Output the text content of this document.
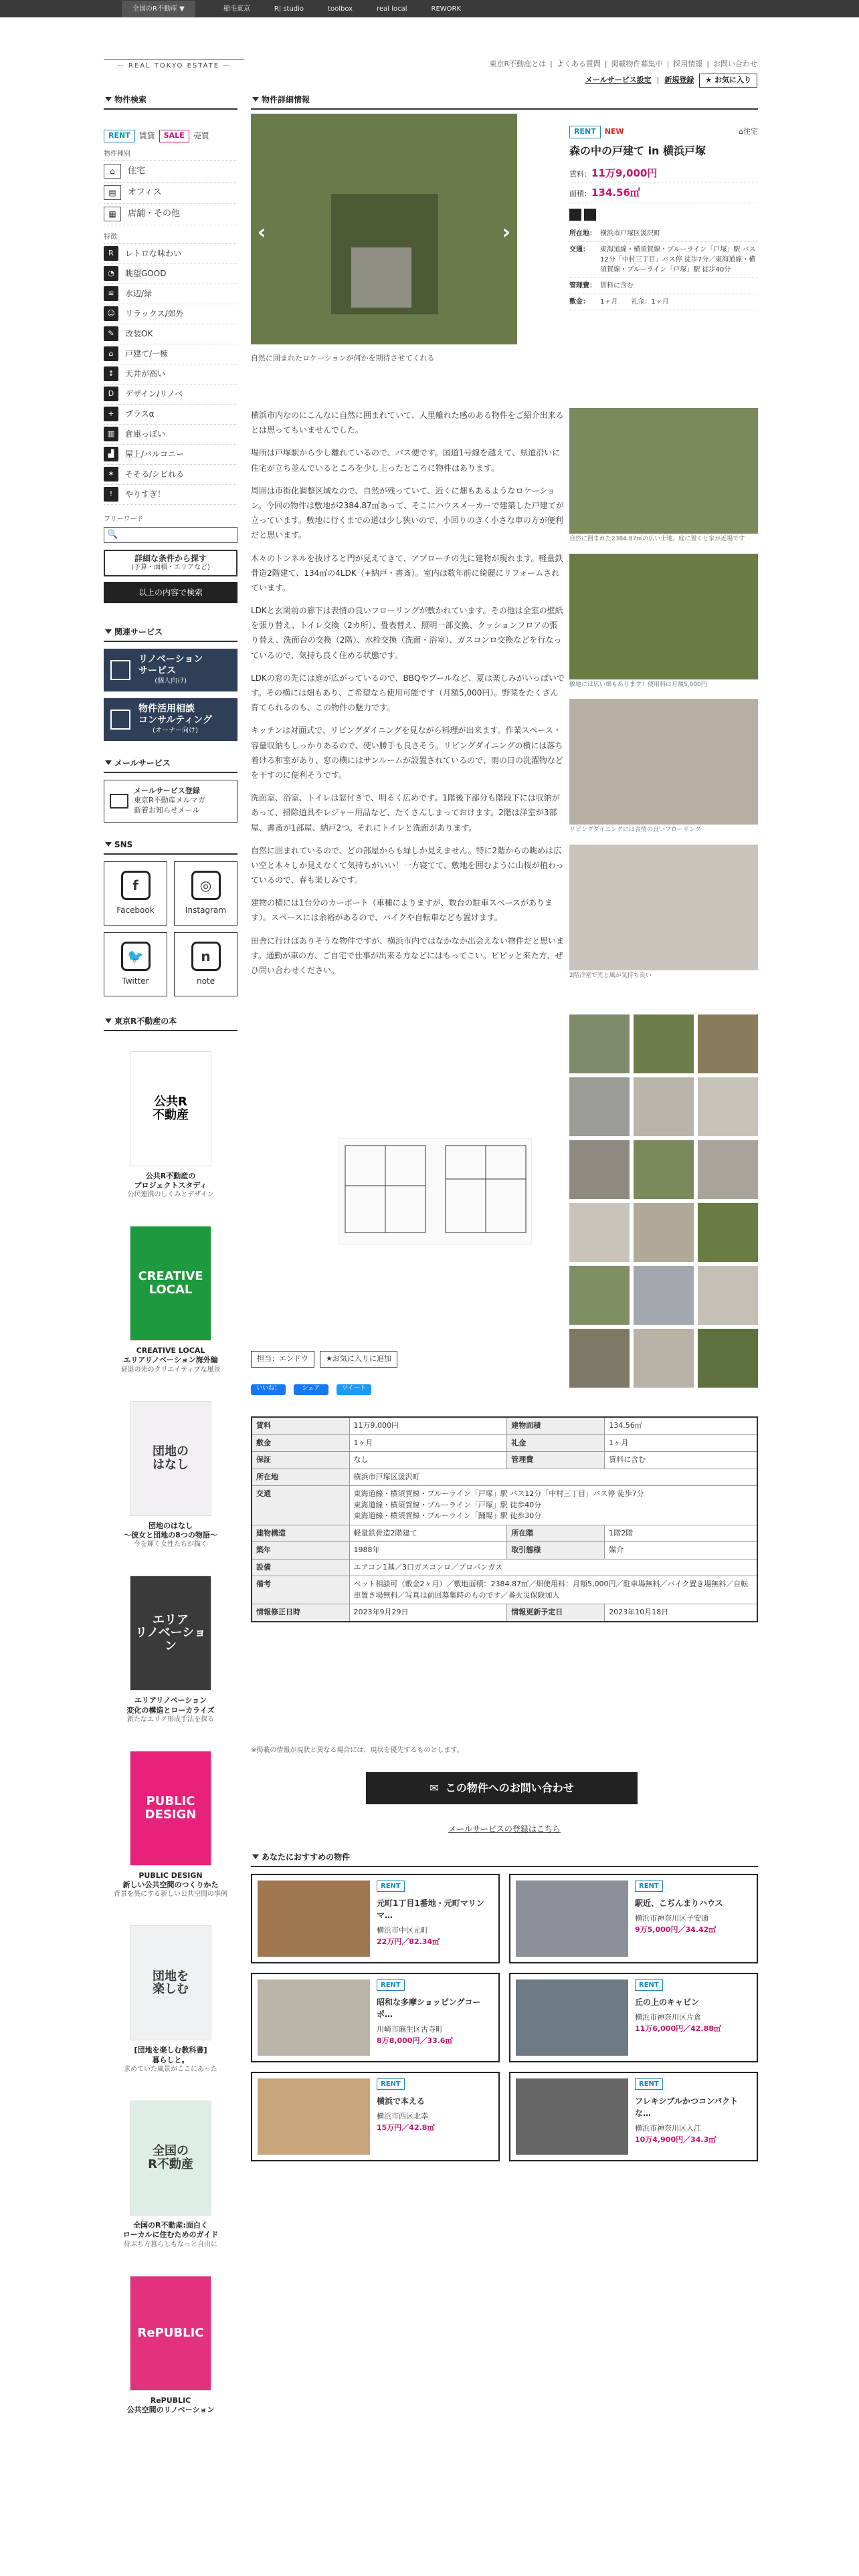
全国のR不動産 ▼	稲毛東京	R| studio	toolbox	real local	REWORK
— REAL TOKYO ESTATE —	東京R不動産とは | よくある質問 | 掲載物件募集中 | 採用情報 | お問い合わせ
メールサービス設定 | 新規登録	★ お気に入り
物件検索
RENT	賃貸	SALE	売買
物件種別
⌂	住宅
▤	オフィス
▦	店舗・その他
特徴
R	レトロな味わい
◔	眺望GOOD
≋	水辺/緑
☺	リラックス/郊外
✎	改装OK
⌂	戸建て/一棟
↕	天井が高い
D	デザイン/リノベ
+	プラスα
▥	倉庫っぽい
▟	屋上/バルコニー
✶	そそる/シビれる
!	やりすぎ！
フリーワード
🔍
詳細な条件から探す
(予算・面積・エリアなど)
以上の内容で検索
関連サービス
リノベーション
サービス
(個人向け)
物件活用相談
コンサルティング
(オーナー向け)
メールサービス
メールサービス登録
東京R不動産メルマガ
新着お知らせメール
SNS
f
Facebook
◎
Instagram
🐦
Twitter
n
note
東京R不動産の本
公共R
不動産
公共R不動産の
プロジェクトスタディ
公民連携のしくみとデザイン
CREATIVE
LOCAL
CREATIVE LOCAL
エリアリノベーション海外編
衰退の先のクリエイティブな風景
団地の
はなし
団地のはなし
〜彼女と団地の8つの物語〜
今を輝く女性たちが描く
エリア
リノベーション
エリアリノベーション
変化の構造とローカライズ
新たなエリア形成手法を探る
PUBLIC DESIGN
PUBLIC DESIGN
新しい公共空間のつくりかた
背景を異にする新しい公共空間の事例
団地を
楽しむ
[団地を楽しむ教科書]
暮らしと。
求めていた風景がここにあった
全国の
R不動産
全国のR不動産:面白く
ローカルに住むためのガイド
待ぶち方暮らしもなっと自由に
RePUBLIC
RePUBLIC
公共空間のリノベーション
物件詳細情報
‹	›
自然に囲まれたロケーションが何かを期待させてくれる
RENT	NEW	⌂住宅
森の中の戸建て in 横浜戸塚
賃料：11万9,000円
面積：134.56㎡
所在地： 横浜市戸塚区汲沢町
交通：	東海道線・横須賀線・ブルーライン「戸塚」駅 バス12分「中村三丁目」バス停 徒歩7分／東海道線・横須賀線・ブルーライン「戸塚」駅 徒歩40分
管理費： 賃料に含む
敷金：	1ヶ月　　礼金：1ヶ月

横浜市内なのにこんなに自然に囲まれていて、人里離れた感のある物件をご紹介出来るとは思ってもいませんでした。

場所は戸塚駅から少し離れているので、バス便です。国道1号線を越えて、県道沿いに住宅が立ち並んでいるところを少し上ったところに物件はあります。

周囲は市街化調整区域なので、自然が残っていて、近くに畑もあるようなロケーション。今回の物件は敷地が2384.87㎡あって、そこにハウスメーカーで建築した戸建てが立っています。敷地に行くまでの道は少し狭いので、小回りのきく小さな車の方が便利だと思います。

木々のトンネルを抜けると門が見えてきて、アプローチの先に建物が現れます。軽量鉄骨造2階建て、134㎡の4LDK（+納戸・書斎）。室内は数年前に綺麗にリフォームされています。

LDKと玄関前の廊下は表情の良いフローリングが敷かれています。その他は全室の壁紙を張り替え、トイレ交換（2カ所）、畳表替え、照明一部交換、クッションフロアの張り替え、洗面台の交換（2階）、水栓交換（洗面・浴室）、ガスコンロ交換などを行なっているので、気持ち良く住める状態です。

LDKの窓の先には庭が広がっているので、BBQやプールなど、夏は楽しみがいっぱいです。その横には畑もあり、ご希望なら使用可能です（月額5,000円）。野菜をたくさん育てられるのも、この物件の魅力です。

キッチンは対面式で、リビングダイニングを見ながら料理が出来ます。作業スペース・容量収納もしっかりあるので、使い勝手も良さそう。リビングダイニングの横には落ち着ける和室があり、窓の横にはサンルームが設置されているので、雨の日の洗濯物などを干すのに便利そうです。

洗面室、浴室、トイレは窓付きで、明るく広めです。1階後下部分も階段下には収納があって、掃除道具やレジャー用品など、たくさんしまっておけます。2階は洋室が3部屋、書斎が1部屋、納戸2つ。それにトイレと洗面があります。

自然に囲まれているので、どの部屋からも緑しか見えません。特に2階からの眺めは広い空と木々しか見えなくて気持ちがいい！一方寝てて、敷地を囲むように山桜が植わっているので、春も楽しみです。

建物の横には1台分のカーポート（車種によりますが、数台の駐車スペースがあります）。スペースには余裕があるので、バイクや自転車なども置けます。

田舎に行けばありそうな物件ですが、横浜市内ではなかなか出会えない物件だと思います。通勤が車の方、ご自宅で仕事が出来る方などにはもってこい。ピピッと来た方、ぜひ問い合わせください。

自然に囲まれた2384.87㎡の広い土地。庭に置くと家が近場です
敷地には広い畑もあります！使用料は月額5,000円
リビングダイニングには表情の良いフローリング
2階洋室で光と風が気持ち良い
担当：エンドウ	★お気に入りに追加
いいね！	シェア	ツイート
賃料	11万9,000円	建物面積	134.56㎡
敷金	1ヶ月	礼金	1ヶ月
保証	なし	管理費	賃料に含む
所在地	横浜市戸塚区汲沢町		
交通	東海道線・横須賀線・ブルーライン「戸塚」駅 バス12分「中村三丁目」バス停 徒歩7分
東海道線・横須賀線・ブルーライン「戸塚」駅 徒歩40分
東海道線・横須賀線・ブルーライン「踊場」駅 徒歩30分		
建物構造	軽量鉄骨造2階建て	所在階	1階2階
築年	1988年	取引態様	媒介
設備	エアコン1基／3口ガスコンロ／プロパンガス		
備考	ペット相談可（敷金2ヶ月）／敷地面積：2384.87㎡／畑使用料：月額5,000円／駐車場無料／バイク置き場無料／自転車置き場無料／写真は前回募集時のものです／番火災保険加入		
情報修正日時	2023年9月29日	情報更新予定日	2023年10月18日
※掲載の情報が現状と異なる場合には、現状を優先するものとします。
✉ この物件へのお問い合わせ
メールサービスの登録はこちら
あなたにおすすめの物件
RENT
元町1丁目1番地・元町マリンマ…
横浜市中区元町
22万円／82.34㎡
RENT
駅近、こぢんまりハウス
横浜市神奈川区子安通
9万5,000円／34.42㎡
RENT
昭和な多摩ショッピングコーポ…
川崎市麻生区古寺町
8万8,000円／33.6㎡
RENT
丘の上のキャビン
横浜市神奈川区片倉
11万6,000円／42.88㎡
RENT
横浜で本える
横浜市西区北幸
15万円／42.8㎡
RENT
フレキシブルかつコンパクトな…
横浜市神奈川区入江
10万4,900円／34.3㎡
